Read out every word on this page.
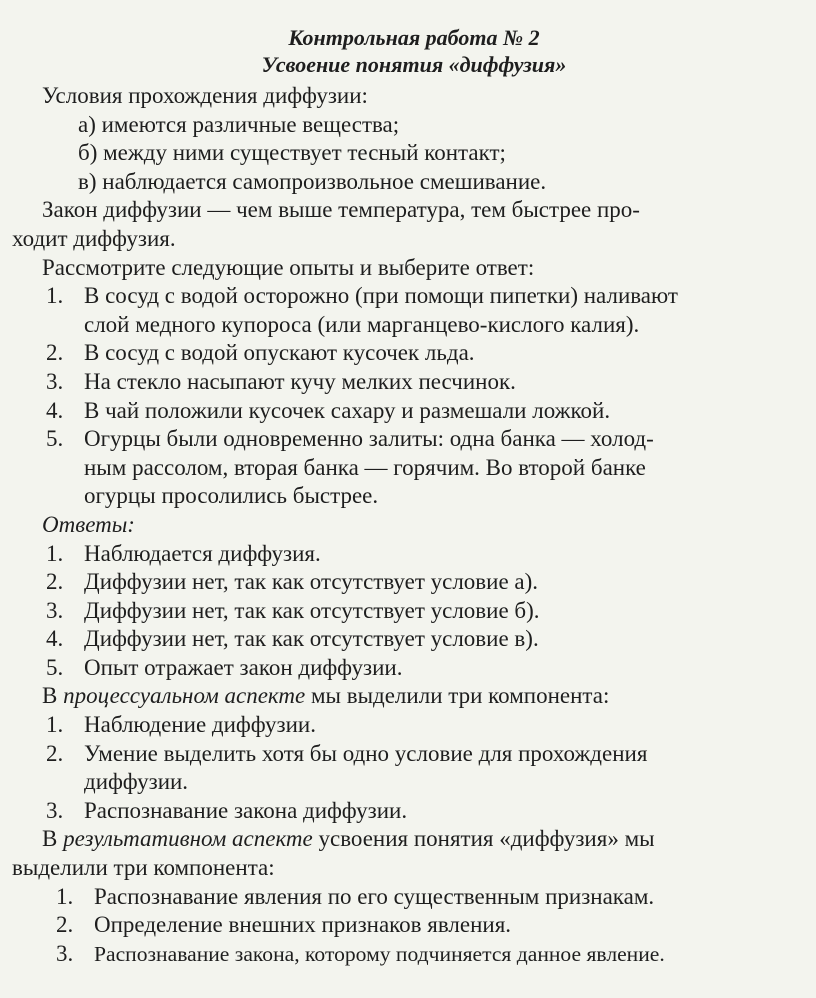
Контрольная работа № 2

Усвоение понятия «диффузия»

Условия прохождения диффузии:

а) имеются различные вещества;

б) между ними существует тесный контакт;

в) наблюдается самопроизвольное смешивание.

Закон диффузии — чем выше температура, тем быстрее про-

ходит диффузия.

Рассмотрите следующие опыты и выберите ответ:

1. В сосуд с водой осторожно (при помощи пипетки) наливают
слой медного купороса (или марганцево-кислого калия).
2. В сосуд с водой опускают кусочек льда.
3. На стекло насыпают кучу мелких песчинок.
4. В чай положили кусочек сахару и размешали ложкой.
5. Огурцы были одновременно залиты: одна банка — холод-
ным рассолом, вторая банка — горячим. Во второй банке
огурцы просолились быстрее.

Ответы:

1. Наблюдается диффузия.
2. Диффузии нет, так как отсутствует условие а).
3. Диффузии нет, так как отсутствует условие б).
4. Диффузии нет, так как отсутствует условие в).
5. Опыт отражает закон диффузии.

В процессуальном аспекте мы выделили три компонента:

1. Наблюдение диффузии.
2. Умение выделить хотя бы одно условие для прохождения
диффузии.
3. Распознавание закона диффузии.

В результативном аспекте усвоения понятия «диффузия» мы

выделили три компонента:

1. Распознавание явления по его существенным признакам.
2. Определение внешних признаков явления.
3. Распознавание закона, которому подчиняется данное явление.
